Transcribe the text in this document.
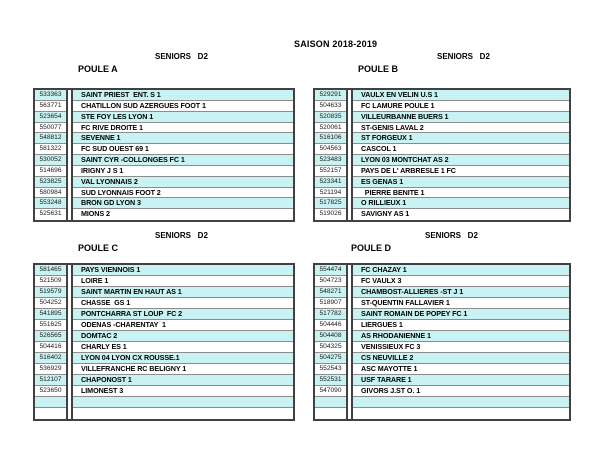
SAISON 2018-2019
SENIORS   D2
POULE A
533363	SAINT PRIEST  ENT. S 1
563771	CHATILLON SUD AZERGUES FOOT 1
523654	STE FOY LES LYON 1
550077	FC RIVE DROITE 1
548812	SEVENNE 1
581322	FC SUD OUEST 69 1
530052	SAINT CYR -COLLONGES FC 1
514696	IRIGNY J S 1
523825	VAL LYONNAIS 2
580984	SUD LYONNAIS FOOT 2
553248	BRON GD LYON 3
525631	MIONS 2
SENIORS   D2
POULE B
529291	VAULX EN VELIN U.S 1
504633	FC LAMURE POULE 1
520835	VILLEURBANNE BUERS 1
520061	ST-GENIS LAVAL 2
516106	ST FORGEUX 1
504563	CASCOL 1
523483	LYON 03 MONTCHAT AS 2
552157	PAYS DE L' ARBRESLE 1 FC
523341	ES GENAS 1
521194	PIERRE BENITE 1
517825	O RILLIEUX 1
519026	SAVIGNY AS 1
SENIORS   D2
POULE C
581465	PAYS VIENNOIS 1
521509	LOIRE 1
519579	SAINT MARTIN EN HAUT AS 1
504252	CHASSE  GS 1
541895	PONTCHARRA ST LOUP  FC 2
551625	ODENAS -CHARENTAY  1
526565	DOMTAC 2
504416	CHARLY ES 1
516402	LYON 04 LYON CX ROUSSE.1
536929	VILLEFRANCHE RC BELIGNY 1
512107	CHAPONOST 1
523650	LIMONEST 3
SENIORS   D2
POULE D
554474	FC CHAZAY 1
504723	FC VAULX 3
548271	CHAMBOST-ALLIERES -ST J 1
518907	ST-QUENTIN FALLAVIER 1
517782	SAINT ROMAIN DE POPEY FC 1
504446	LIERGUES 1
504408	AS RHODANIENNE 1
504325	VENISSIEUX FC 3
504275	CS NEUVILLE 2
552543	ASC MAYOTTE 1
552531	USF TARARE 1
547090	GIVORS J.ST O. 1
